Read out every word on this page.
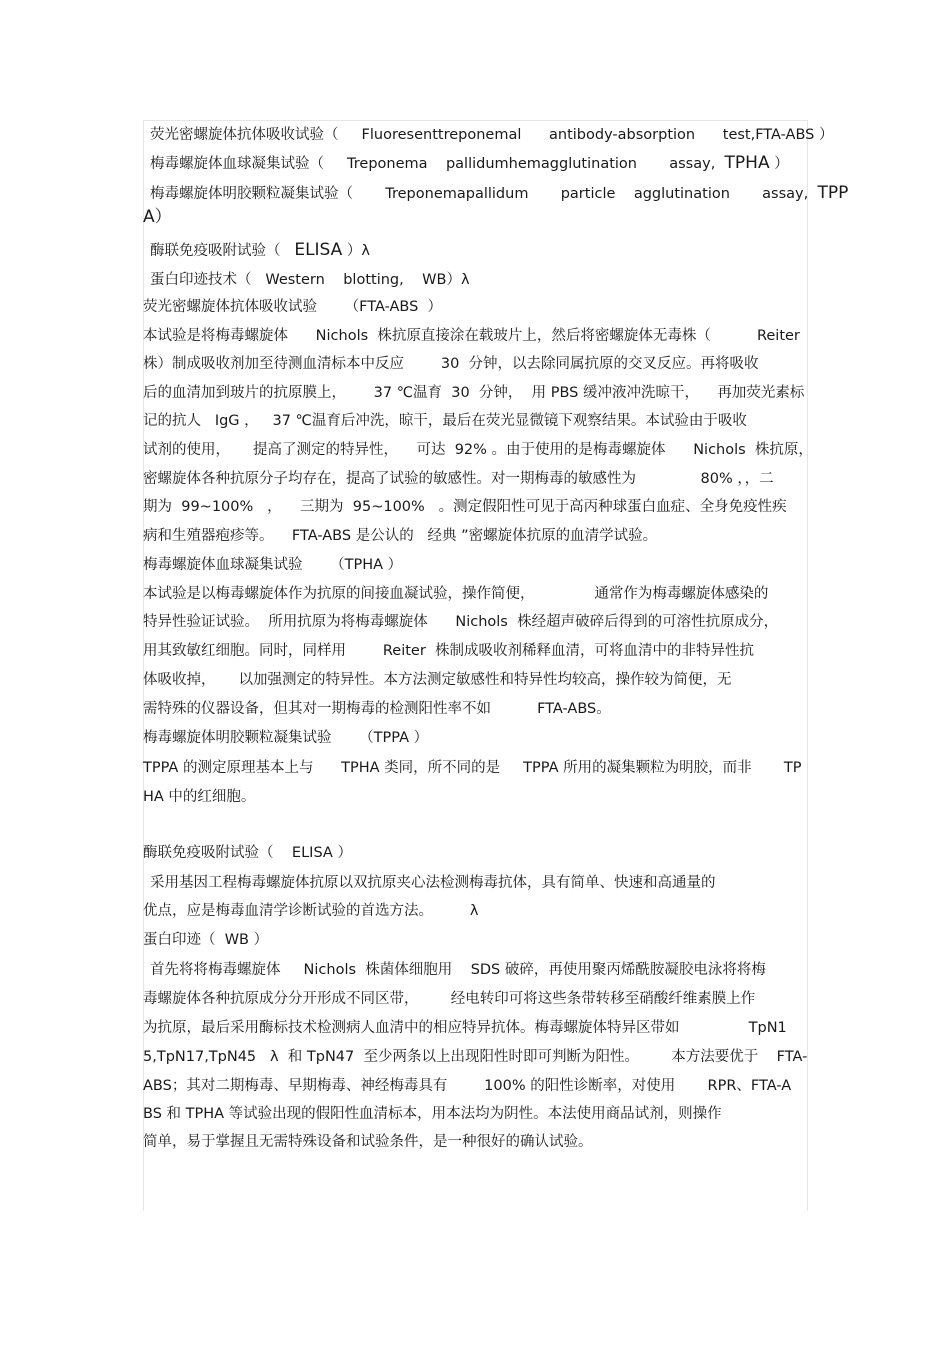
荧光密螺旋体抗体吸收试验（     Fluoresenttreponemal      antibody-absorption      test,FTA-ABS ）
梅毒螺旋体血球凝集试验（     Treponema    pallidumhemagglutination       assay,  TPHA ）
梅毒螺旋体明胶颗粒凝集试验（       Treponemapallidum       particle    agglutination       assay,  TPP
A）
酶联免疫吸附试验（   ELISA ）λ
蛋白印迹技术（   Western    blotting,    WB）λ
荧光密螺旋体抗体吸收试验      （FTA-ABS  ）
本试验是将梅毒螺旋体      Nichols  株抗原直接涂在载玻片上，然后将密螺旋体无毒株（          Reiter
株）制成吸收剂加至待测血清标本中反应        30  分钟，以去除同属抗原的交叉反应。再将吸收
后的血清加到玻片的抗原膜上，      37 ℃温育  30  分钟，  用 PBS 缓冲液冲洗晾干，    再加荧光素标
记的抗人   IgG ，   37 ℃温育后冲洗，晾干，最后在荧光显微镜下观察结果。本试验由于吸收
试剂的使用，     提高了测定的特异性，    可达  92% 。由于使用的是梅毒螺旋体      Nichols  株抗原，
密螺旋体各种抗原分子均存在，提高了试验的敏感性。对一期梅毒的敏感性为              80% ，，二
期为  99~100%   ，    三期为  95~100%   。测定假阳性可见于高丙种球蛋白血症、全身免疫性疾
病和生殖器疱疹等。    FTA-ABS 是公认的   经典 ”密螺旋体抗原的血清学试验。
梅毒螺旋体血球凝集试验      （TPHA ）
本试验是以梅毒螺旋体作为抗原的间接血凝试验，操作简便，             通常作为梅毒螺旋体感染的
特异性验证试验。  所用抗原为将梅毒螺旋体      Nichols  株经超声破碎后得到的可溶性抗原成分，
用其致敏红细胞。同时，同样用        Reiter  株制成吸收剂稀释血清，可将血清中的非特异性抗
体吸收掉，     以加强测定的特异性。本方法测定敏感性和特异性均较高，操作较为简便，无
需特殊的仪器设备，但其对一期梅毒的检测阳性率不如          FTA-ABS。
梅毒螺旋体明胶颗粒凝集试验      （TPPA ）
TPPA 的测定原理基本上与      TPHA 类同，所不同的是     TPPA 所用的凝集颗粒为明胶，而非       TP
HA 中的红细胞。
酶联免疫吸附试验（    ELISA ）
采用基因工程梅毒螺旋体抗原以双抗原夹心法检测梅毒抗体，具有简单、快速和高通量的
优点，应是梅毒血清学诊断试验的首选方法。        λ
蛋白印迹（  WB ）
首先将将梅毒螺旋体     Nichols  株菌体细胞用    SDS 破碎，再使用聚丙烯酰胺凝胶电泳将将梅
毒螺旋体各种抗原成分分开形成不同区带，       经电转印可将这些条带转移至硝酸纤维素膜上作
为抗原，最后采用酶标技术检测病人血清中的相应特异抗体。梅毒螺旋体特异区带如               TpN1
5,TpN17,TpN45   λ  和 TpN47  至少两条以上出现阳性时即可判断为阳性。       本方法要优于    FTA-
ABS；其对二期梅毒、早期梅毒、神经梅毒具有        100% 的阳性诊断率，对使用       RPR、FTA-A
BS 和 TPHA 等试验出现的假阳性血清标本，用本法均为阴性。本法使用商品试剂，则操作
简单，易于掌握且无需特殊设备和试验条件，是一种很好的确认试验。
